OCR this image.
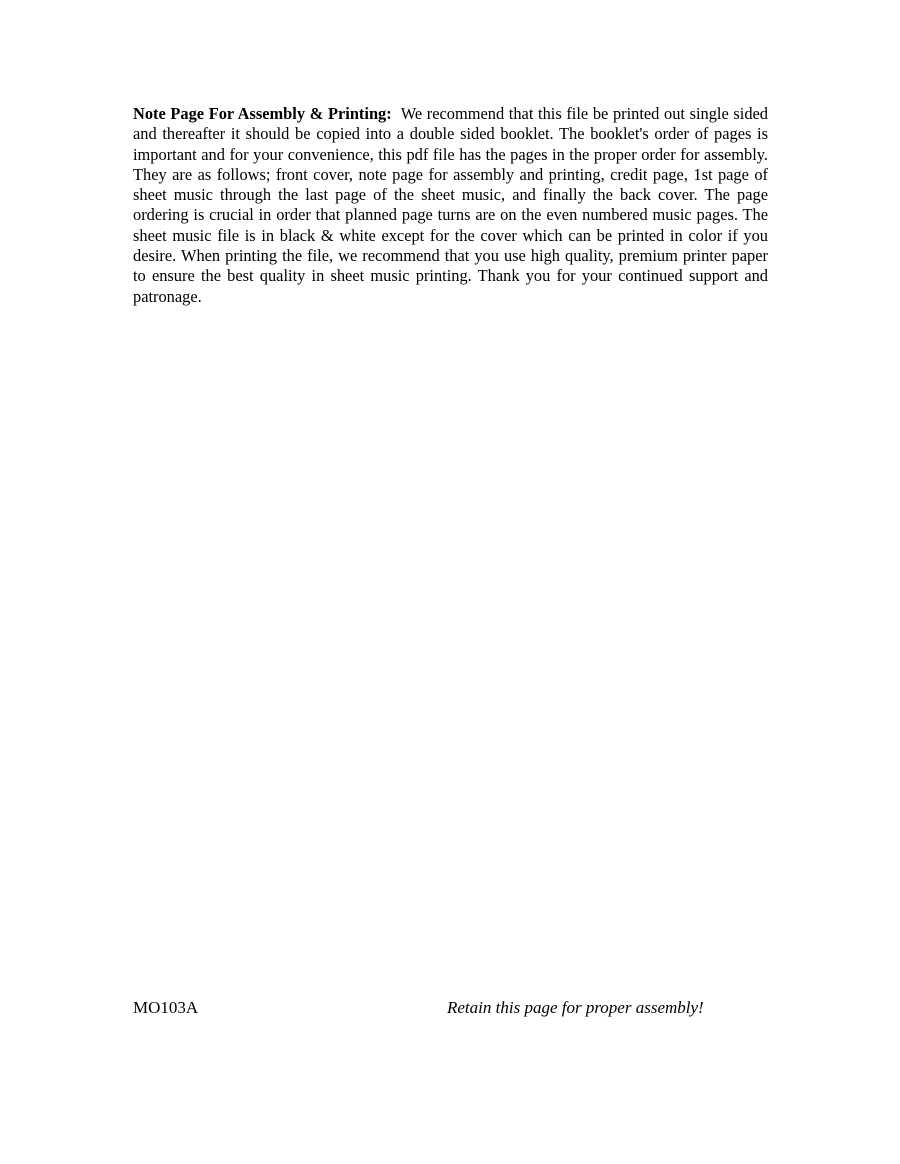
Note Page For Assembly & Printing: We recommend that this file be printed out single sided and thereafter it should be copied into a double sided booklet. The booklet's order of pages is important and for your convenience, this pdf file has the pages in the proper order for assembly. They are as follows; front cover, note page for assembly and printing, credit page, 1st page of sheet music through the last page of the sheet music, and finally the back cover. The page ordering is crucial in order that planned page turns are on the even numbered music pages. The sheet music file is in black & white except for the cover which can be printed in color if you desire. When printing the file, we recommend that you use high quality, premium printer paper to ensure the best quality in sheet music printing. Thank you for your continued support and patronage.

MO103A	Retain this page for proper assembly!
